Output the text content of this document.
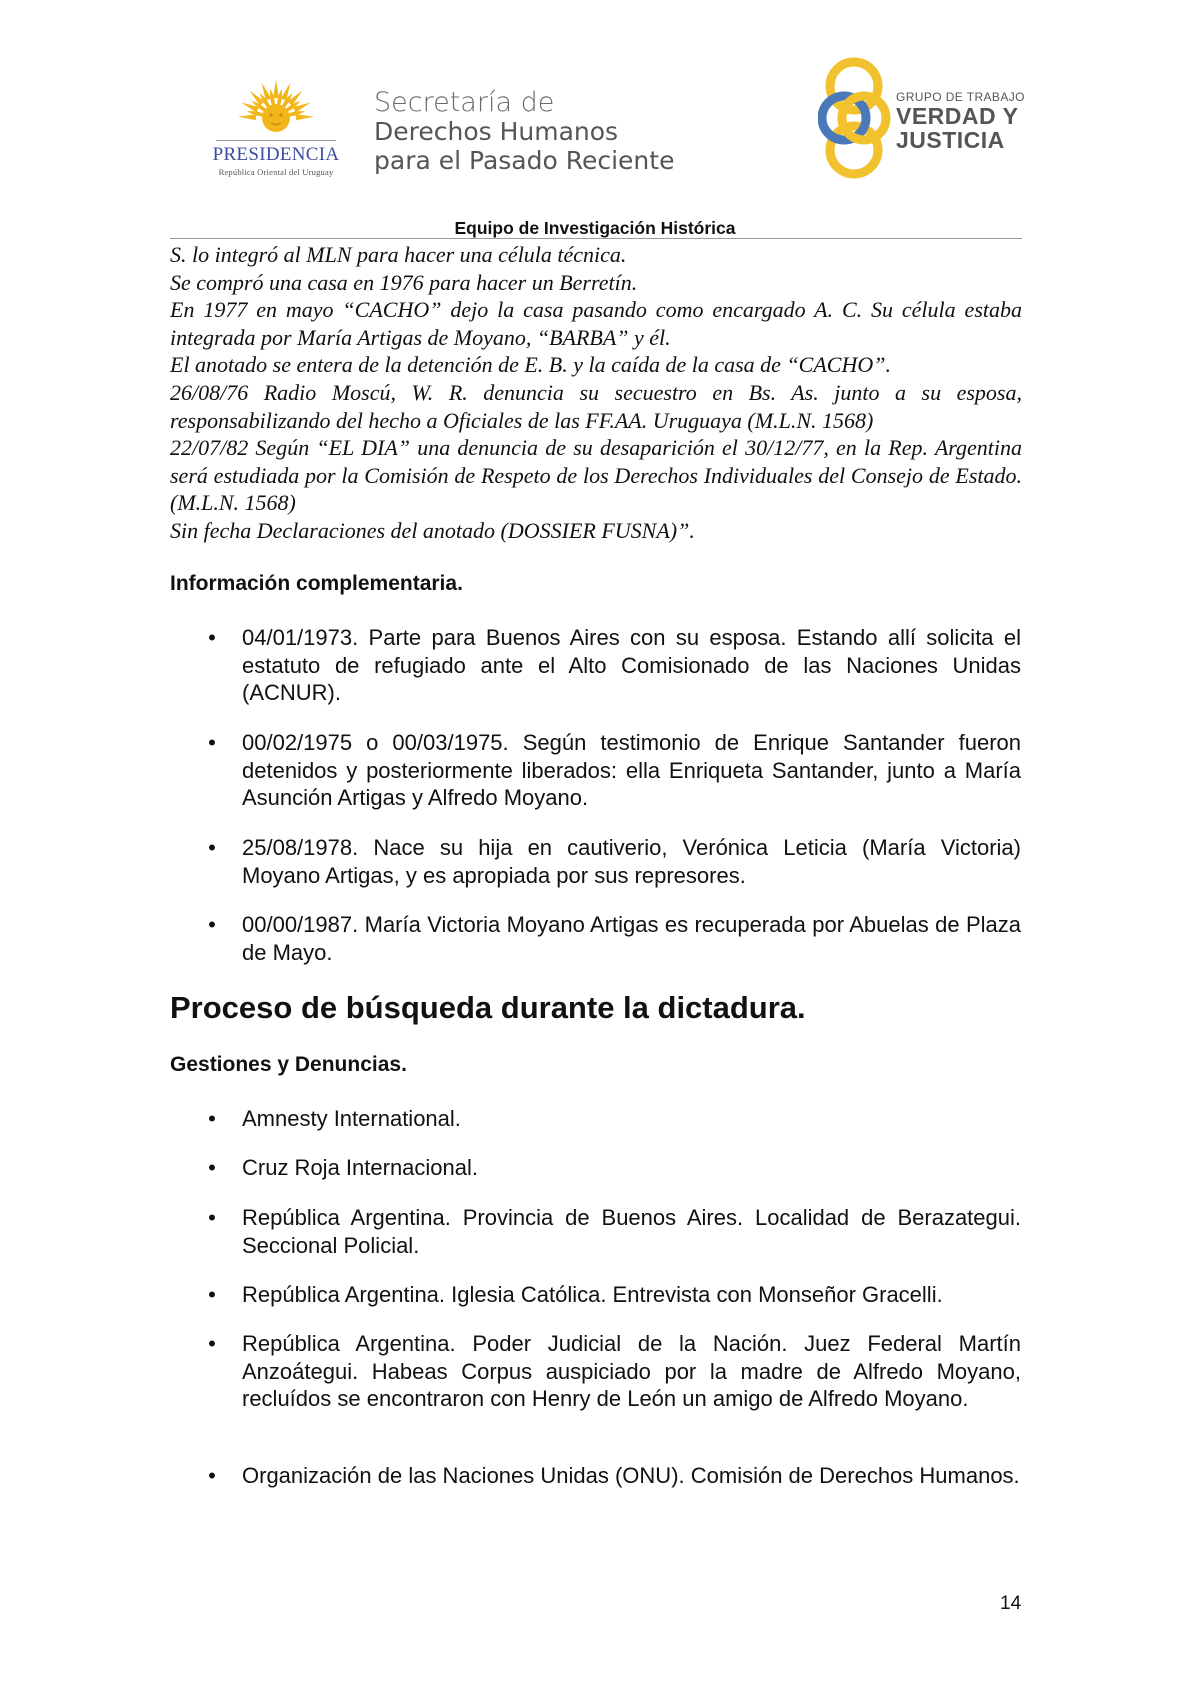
PRESIDENCIA
República Oriental del Uruguay
Secretaría de
Derechos Humanos
para el Pasado Reciente
GRUPO DE TRABAJO
VERDAD Y
JUSTICIA
Equipo de Investigación Histórica

S. lo integró al MLN para hacer una célula técnica.

Se compró una casa en 1976 para hacer un Berretín.

En 1977 en mayo “CACHO” dejo la casa pasando como encargado A. C. Su célula estaba integrada por María Artigas de Moyano, “BARBA” y él.

El anotado se entera de la detención de E. B. y la caída de la casa de “CACHO”.

26/08/76 Radio Moscú, W. R. denuncia su secuestro en Bs. As. junto a su esposa, responsabilizando del hecho a Oficiales de las FF.AA. Uruguaya (M.L.N. 1568)

22/07/82 Según “EL DIA” una denuncia de su desaparición el 30/12/77, en la Rep. Argentina será estudiada por la Comisión de Respeto de los Derechos Individuales del Consejo de Estado. (M.L.N. 1568)

Sin fecha Declaraciones del anotado (DOSSIER FUSNA)”.

Información complementaria.
• 04/01/1973. Parte para Buenos Aires con su esposa. Estando allí solicita el estatuto de refugiado ante el Alto Comisionado de las Naciones Unidas (ACNUR).
• 00/02/1975 o 00/03/1975. Según testimonio de Enrique Santander fueron detenidos y posteriormente liberados: ella Enriqueta Santander, junto a María Asunción Artigas y Alfredo Moyano.
• 25/08/1978. Nace su hija en cautiverio, Verónica Leticia (María Victoria) Moyano Artigas, y es apropiada por sus represores.
• 00/00/1987. María Victoria Moyano Artigas es recuperada por Abuelas de Plaza de Mayo.
Proceso de búsqueda durante la dictadura.
Gestiones y Denuncias.
• Amnesty International.
• Cruz Roja Internacional.
• República Argentina. Provincia de Buenos Aires. Localidad de Berazategui. Seccional Policial.
• República Argentina. Iglesia Católica. Entrevista con Monseñor Gracelli.
• República Argentina. Poder Judicial de la Nación. Juez Federal Martín Anzoátegui. Habeas Corpus auspiciado por la madre de Alfredo Moyano, recluídos se encontraron con Henry de León un amigo de Alfredo Moyano.
• Organización de las Naciones Unidas (ONU). Comisión de Derechos Humanos.
14
